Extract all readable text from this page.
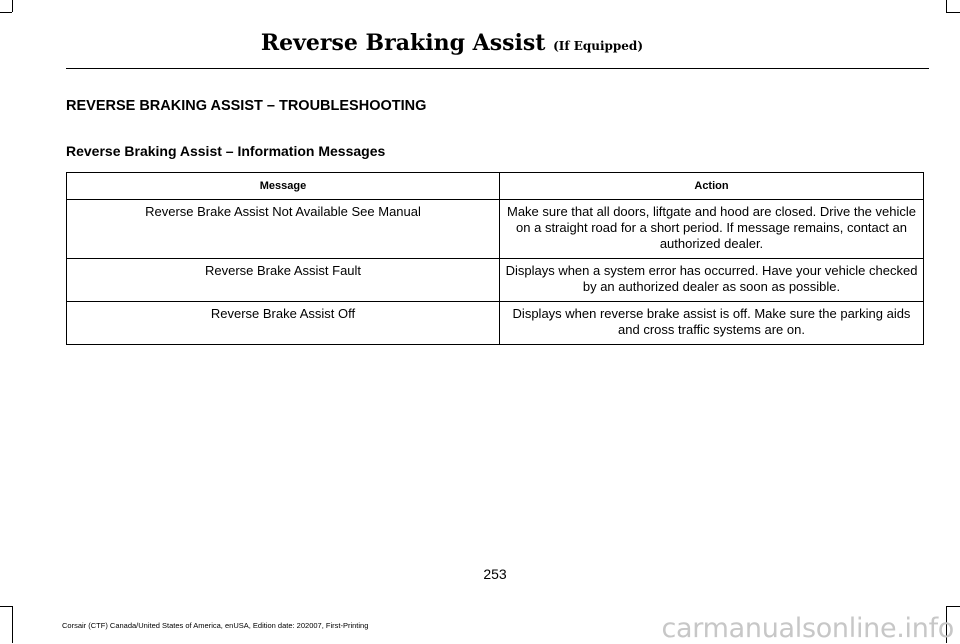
Reverse Braking Assist (If Equipped)
REVERSE BRAKING ASSIST – TROUBLESHOOTING
Reverse Braking Assist – Information Messages
Message	Action
Reverse Brake Assist Not Available See Manual	Make sure that all doors, liftgate and hood are closed. Drive the vehicle on a straight road for a short period. If message remains, contact an authorized dealer.
Reverse Brake Assist Fault	Displays when a system error has occurred. Have your vehicle checked by an authorized dealer as soon as possible.
Reverse Brake Assist Off	Displays when reverse brake assist is off. Make sure the parking aids and cross traffic systems are on.
253
Corsair (CTF) Canada/United States of America, enUSA, Edition date: 202007, First-Printing	carmanualsonline.info
